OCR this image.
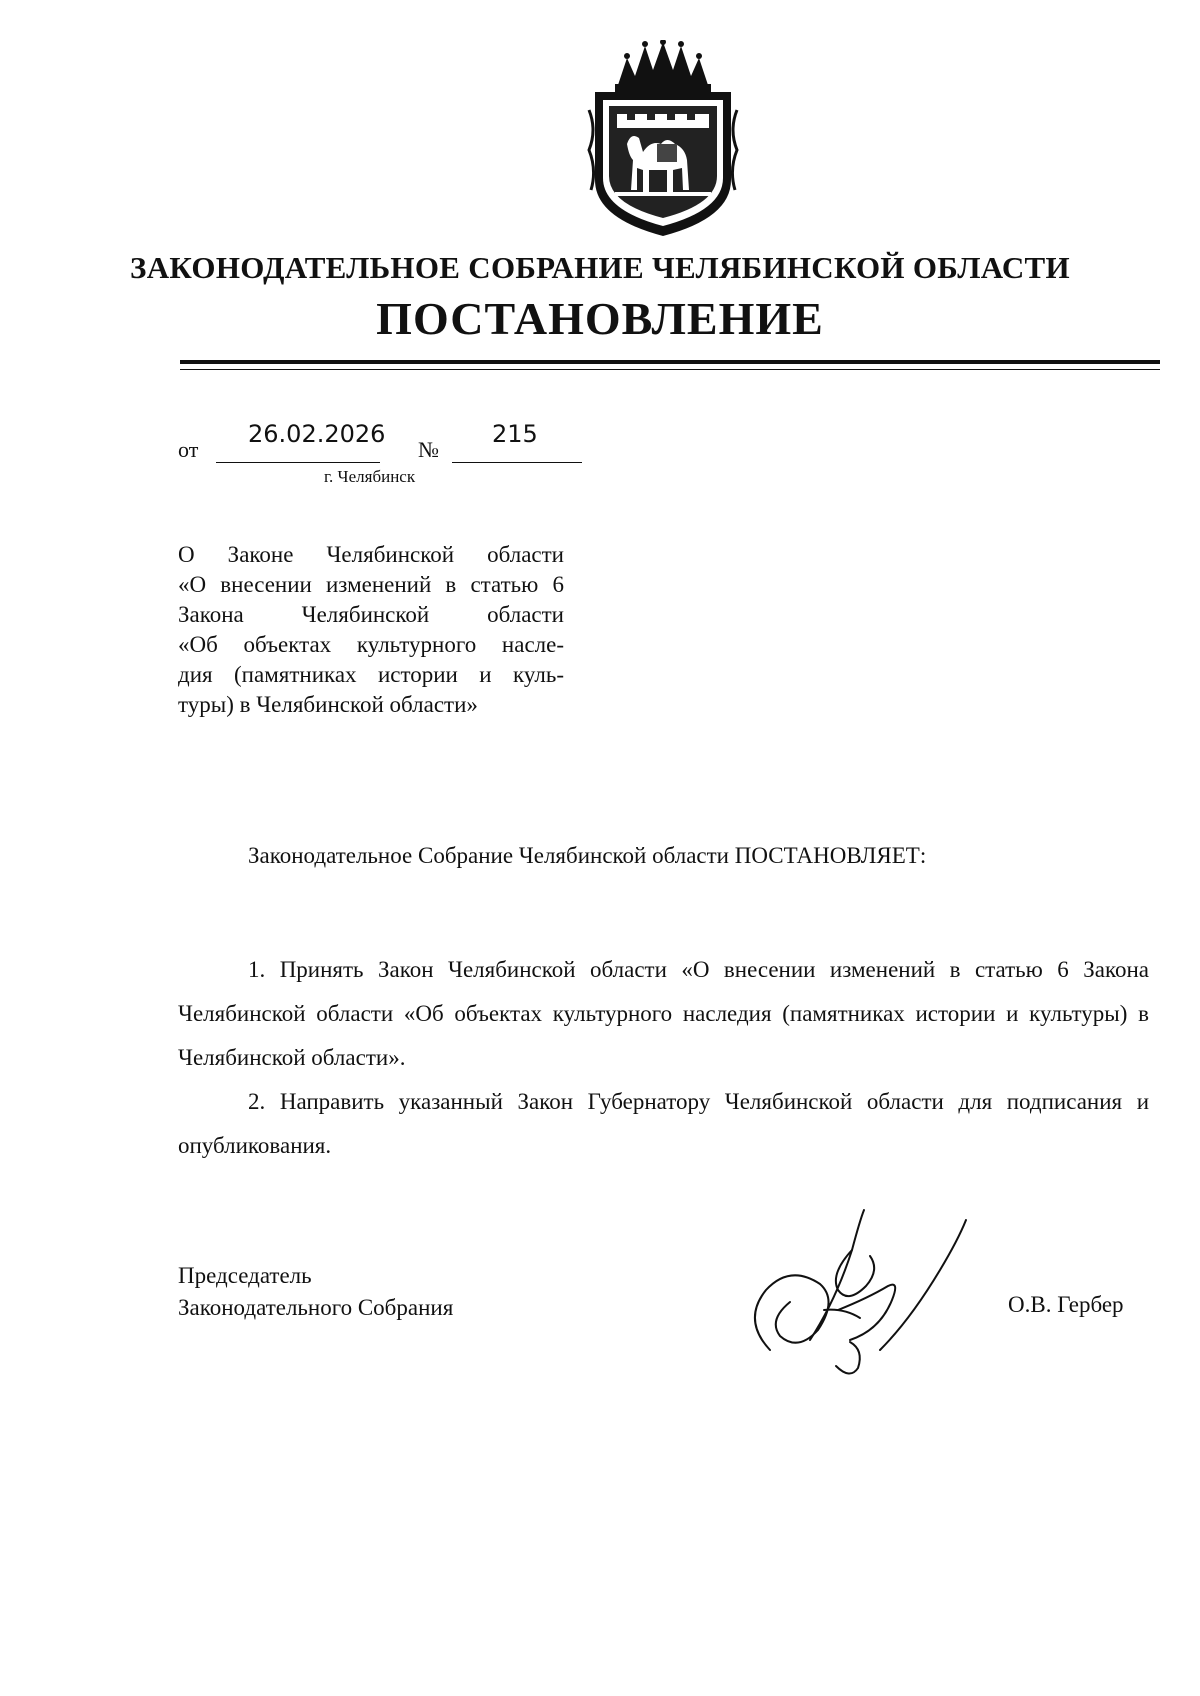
ЗАКОНОДАТЕЛЬНОЕ СОБРАНИЕ ЧЕЛЯБИНСКОЙ ОБЛАСТИ
ПОСТАНОВЛЕНИЕ
от
26.02.2026
№
215
г. Челябинск
О Законе Челябинской области
«О внесении изменений в статью 6
Закона Челябинской области
«Об объектах культурного насле-
дия (памятниках истории и куль-
туры) в Челябинской области»
Законодательное Собрание Челябинской области ПОСТАНОВЛЯЕТ:
1. Принять Закон Челябинской области «О внесении изменений в статью 6 Закона Челябинской области «Об объектах культурного наследия (памятниках истории и культуры) в Челябинской области».
2. Направить указанный Закон Губернатору Челябинской области для подписания и опубликования.
Председатель
Законодательного Собрания	О.В. Гербер
